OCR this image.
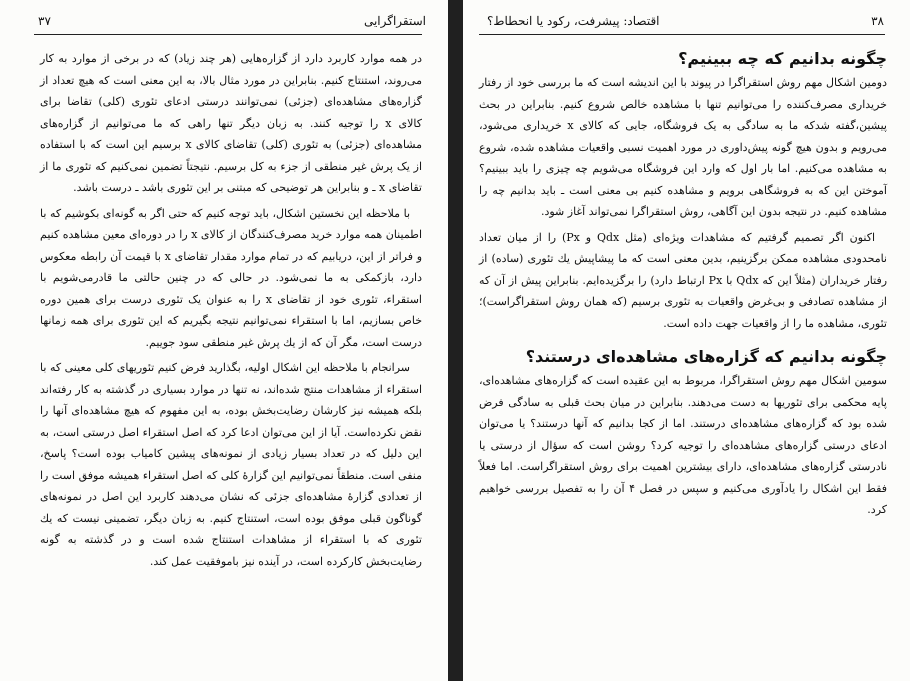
۳۷	استقراگرایی

در همه موارد کاربرد دارد از گزاره‌هایی (هر چند زیاد) که در برخی از موارد به کار می‌روند، استنتاج کنیم. بنابراین در مورد مثال بالا، به این معنی است که هیچ تعداد از گزاره‌های مشاهده‌ای (جزئی) نمی‌توانند درستی ادعای تئوری (کلی) تقاضا برای کالای x را توجیه کنند. به زبان دیگر تنها راهی که ما می‌توانیم از گزاره‌های مشاهده‌ای (جزئی) به تئوری (کلی) تقاضای کالای x برسیم این است که با استفاده از یک پرش غیر منطقی از جزء به کل برسیم. نتیجتاً تضمین نمی‌کنیم که تئوری ما از تقاضای x ـ و بنابراین هر توضیحی که مبتنی بر این تئوری باشد ـ درست باشد.

با ملاحظه این نخستین اشکال، باید توجه کنیم که حتی اگر به گونه‌ای بکوشیم که با اطمینان همه موارد خرید مصرف‌کنندگان از کالای x را در دوره‌ای معین مشاهده کنیم و فراتر از این، دریابیم که در تمام موارد مقدار تقاضای x با قیمت آن رابطه معکوس دارد، بازکمکی به ما نمی‌شود. در حالی که در چنین حالتی ما قادرمی‌شویم با استقراء، تئوری خود از تقاضای x را به عنوان یک تئوری درست برای همین دوره خاص بسازیم، اما با استقراء نمی‌توانیم نتیجه بگیریم که این تئوری برای همه زمانها درست است، مگر آن که از یك پرش غیر منطقی سود جوییم.

سرانجام با ملاحظه این اشکال اولیه، بگذارید فرض کنیم تئوریهای کلی معینی که با استقراء از مشاهدات منتج شده‌اند، نه تنها در موارد بسیاری در گذشته به کار رفته‌اند بلکه همیشه نیز کارشان رضایت‌بخش بوده، به این مفهوم که هیچ مشاهده‌ای آنها را نقض نکرده‌است. آیا از این می‌توان ادعا کرد که اصل استقراء اصل درستی است، به این دلیل که در تعداد بسیار زیادی از نمونه‌های پیشین کامیاب بوده است؟ پاسخ، منفی است. منطقاً نمی‌توانیم این گزارهٔ کلی که اصل استقراء همیشه موفق است را از تعدادی گزارهٔ مشاهده‌ای جزئی که نشان می‌دهند کاربرد این اصل در نمونه‌های گوناگون قبلی موفق بوده است، استنتاج کنیم. به زبان دیگر، تضمینی نیست که یك تئوری که با استقراء از مشاهدات استنتاج شده است و در گذشته به گونه رضایت‌بخش کارکرده است، در آینده نیز باموفقیت عمل کند.

اقتصاد: پیشرفت، رکود یا انحطاط؟	۳۸
چگونه بدانیم که چه ببینیم؟

دومین اشکال مهم روش استقراگرا در پیوند با این اندیشه است که ما بررسی خود از رفتار خریداری مصرف‌کننده را می‌توانیم تنها با مشاهده خالص شروع کنیم. بنابراین در بحث پیشین،گفته شدکه ما به سادگی به یک فروشگاه، جایی که کالای x خریداری می‌شود، می‌رویم و بدون هیچ گونه پیش‌داوری در مورد اهمیت نسبی واقعیات مشاهده شده، شروع به مشاهده می‌کنیم. اما بار اول که وارد این فروشگاه می‌شویم چه چیزی را باید ببینیم؟ آموختن این که به فروشگاهی برویم و مشاهده کنیم بی معنی است ـ باید بدانیم چه را مشاهده کنیم. در نتیجه بدون این آگاهی، روش استقراگرا نمی‌تواند آغاز شود.

اکنون اگر تصمیم گرفتیم که مشاهدات ویژه‌ای (مثل Qdx و Px) را از میان تعداد نامحدودی مشاهده ممکن برگزینیم، بدین معنی است که ما پیشاپیش یك تئوری (ساده) از رفتار خریداران (مثلاً این که Qdx با Px ارتباط دارد) را برگزیده‌ایم. بنابراین پیش از آن که از مشاهده تصادفی و بی‌غرض واقعیات به تئوری برسیم (که همان روش استقراگراست)؛ تئوری، مشاهده ما را از واقعیات جهت داده است.

چگونه بدانیم که گزاره‌های مشاهده‌ای درستند؟

سومین اشکال مهم روش استقراگرا، مربوط به این عقیده است که گزاره‌های مشاهده‌ای، پایه محکمی برای تئوریها به دست می‌دهند. بنابراین در میان بحث قبلی به سادگی فرض شده بود که گزاره‌های مشاهده‌ای درستند. اما از کجا بدانیم که آنها درستند؟ یا می‌توان ادعای درستی گزاره‌های مشاهده‌ای را توجیه کرد؟ روشن است که سؤال از درستی یا نادرستی گزاره‌های مشاهده‌ای، دارای بیشترین اهمیت برای روش استقراگراست. اما فعلاً فقط این اشکال را یادآوری می‌کنیم و سپس در فصل ۴ آن را به تفصیل بررسی خواهیم کرد.
